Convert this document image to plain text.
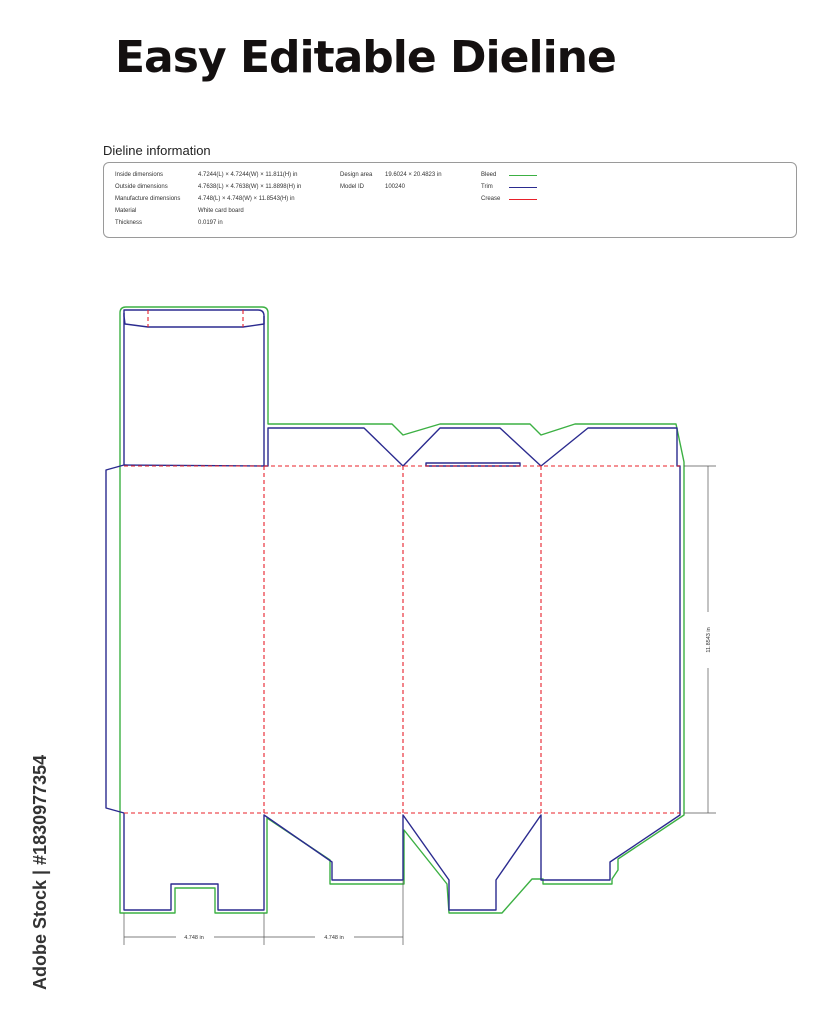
Easy Editable Dieline
Dieline information
Inside dimensions	4.7244(L) × 4.7244(W) × 11.811(H) in
Outside dimensions	4.7638(L) × 4.7638(W) × 11.8898(H) in
Manufacture dimensions	4.748(L) × 4.748(W) × 11.8543(H) in
Material	White card board
Thickness	0.0197 in
Design area 19.6024 × 20.4823 in
Model ID	100240
Bleed
Trim
Crease
4.748 in	4.748 in
11.8543 in
Adobe Stock | #1830977354
